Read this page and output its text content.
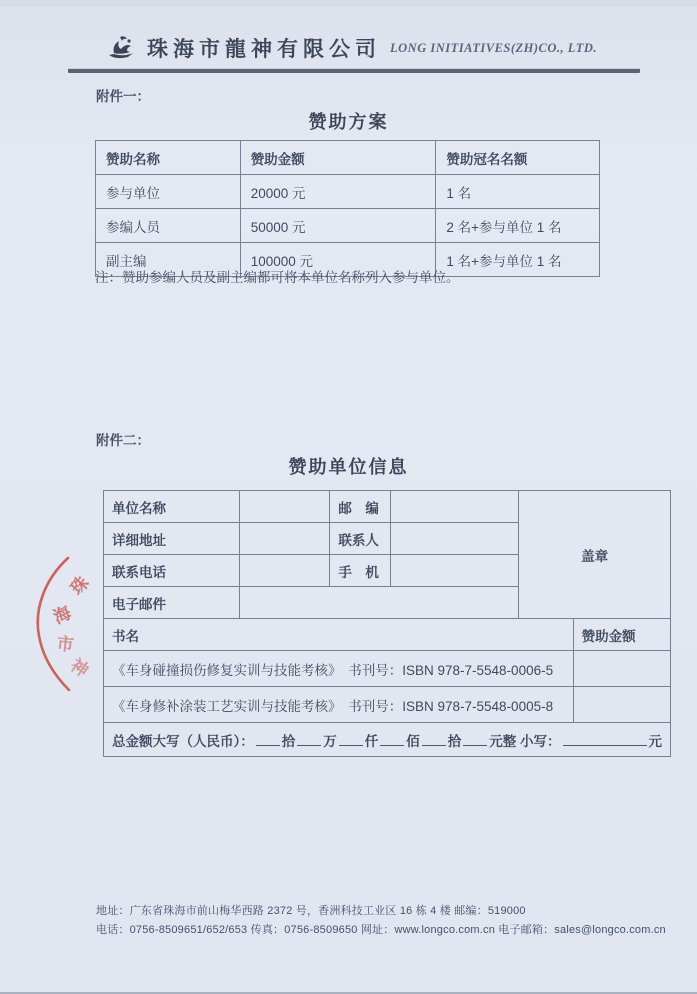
珠海市龍神有限公司 LONG INITIATIVES(ZH)CO., LTD.
附件一：
赞助方案
赞助名称	赞助金额	赞助冠名名额
参与单位	20000 元	1 名
参编人员	50000 元	2 名+参与单位 1 名
副主编	100000 元	1 名+参与单位 1 名
注：赞助参编人员及副主编都可将本单位名称列入参与单位。
附件二：
赞助单位信息
单位名称		邮　编		盖章	
详细地址		联系人			
联系电话		手　机			
电子邮件					
书名					赞助金额
《车身碰撞损伤修复实训与技能考核》　书刊号：ISBN 978-7-5548-0006-5					
《车身修补涂装工艺实训与技能考核》　书刊号：ISBN 978-7-5548-0005-8					
总金额大写（人民币）： 拾 万 仟 佰 拾 元整 小写： 元					
珠
海
市
神
地址：广东省珠海市前山梅华西路 2372 号，香洲科技工业区 16 栋 4 楼 邮编：519000
电话：0756-8509651/652/653 传真：0756-8509650 网址：www.longco.com.cn 电子邮箱：sales@longco.com.cn
